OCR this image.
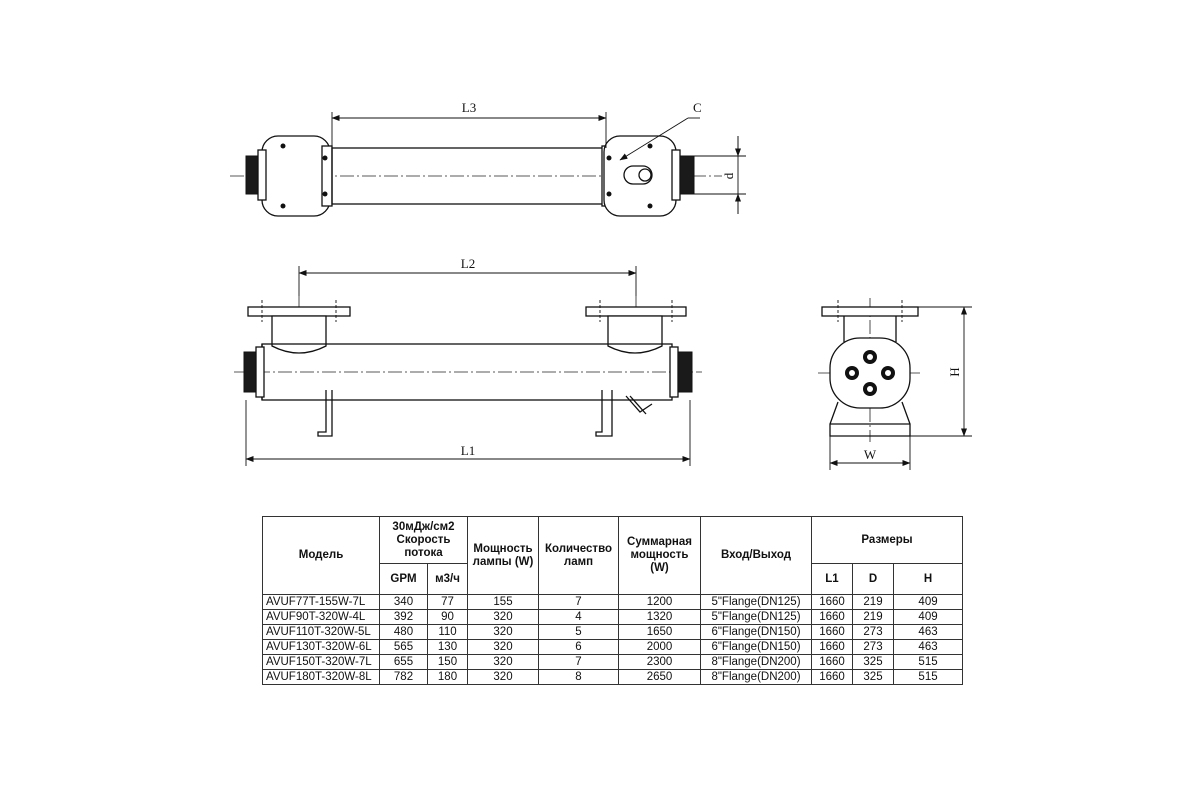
L3	C
d
L2
L1
H
W
Модель	30мДж/см2 Скорость потока		Мощность лампы (W)	Количество ламп	Суммарная мощность (W)	Вход/Выход	Размеры		
	GPM	м3/ч					L1	D	H
AVUF77T-155W-7L	340	77	155	7	1200	5"Flange(DN125)	1660	219	409
AVUF90T-320W-4L	392	90	320	4	1320	5"Flange(DN125)	1660	219	409
AVUF110T-320W-5L	480	110	320	5	1650	6"Flange(DN150)	1660	273	463
AVUF130T-320W-6L	565	130	320	6	2000	6"Flange(DN150)	1660	273	463
AVUF150T-320W-7L	655	150	320	7	2300	8"Flange(DN200)	1660	325	515
AVUF180T-320W-8L	782	180	320	8	2650	8"Flange(DN200)	1660	325	515
